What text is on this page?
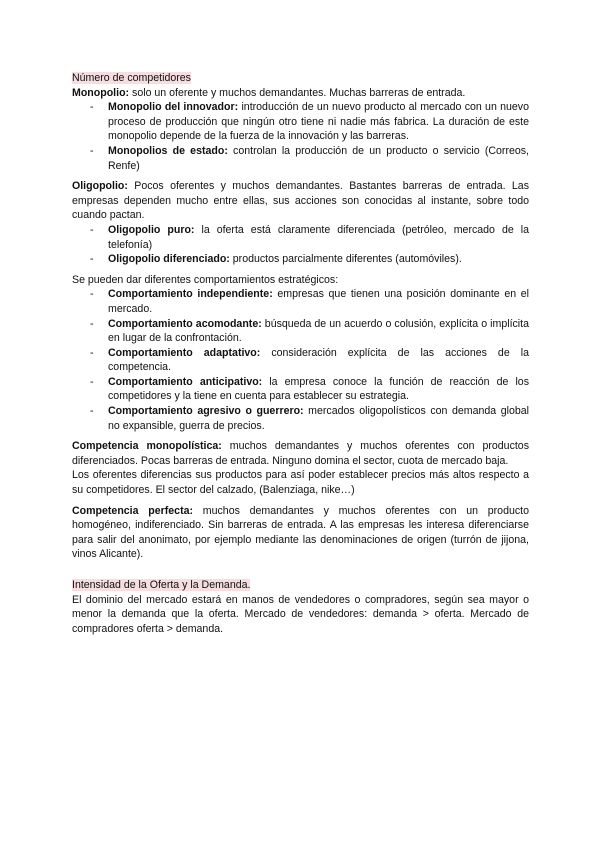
Número de competidores

Monopolio: solo un oferente y muchos demandantes. Muchas barreras de entrada.

- Monopolio del innovador: introducción de un nuevo producto al mercado con un nuevo proceso de producción que ningún otro tiene ni nadie más fabrica. La duración de este monopolio depende de la fuerza de la innovación y las barreras.
- Monopolios de estado: controlan la producción de un producto o servicio (Correos, Renfe)

Oligopolio: Pocos oferentes y muchos demandantes. Bastantes barreras de entrada. Las empresas dependen mucho entre ellas, sus acciones son conocidas al instante, sobre todo cuando pactan.

- Oligopolio puro: la oferta está claramente diferenciada (petróleo, mercado de la telefonía)
- Oligopolio diferenciado: productos parcialmente diferentes (automóviles).

Se pueden dar diferentes comportamientos estratégicos:

- Comportamiento independiente: empresas que tienen una posición dominante en el mercado.
- Comportamiento acomodante: búsqueda de un acuerdo o colusión, explícita o implícita en lugar de la confrontación.
- Comportamiento adaptativo: consideración explícita de las acciones de la competencia.
- Comportamiento anticipativo: la empresa conoce la función de reacción de los competidores y la tiene en cuenta para establecer su estrategia.
- Comportamiento agresivo o guerrero: mercados oligopolísticos con demanda global no expansible, guerra de precios.

Competencia monopolística: muchos demandantes y muchos oferentes con productos diferenciados. Pocas barreras de entrada. Ninguno domina el sector, cuota de mercado baja.

Los oferentes diferencias sus productos para así poder establecer precios más altos respecto a su competidores. El sector del calzado, (Balenziaga, nike…)

Competencia perfecta: muchos demandantes y muchos oferentes con un producto homogéneo, indiferenciado. Sin barreras de entrada. A las empresas les interesa diferenciarse para salir del anonimato, por ejemplo mediante las denominaciones de origen (turrón de jijona, vinos Alicante).

Intensidad de la Oferta y la Demanda.

El dominio del mercado estará en manos de vendedores o compradores, según sea mayor o menor la demanda que la oferta. Mercado de vendedores: demanda > oferta. Mercado de compradores oferta > demanda.
